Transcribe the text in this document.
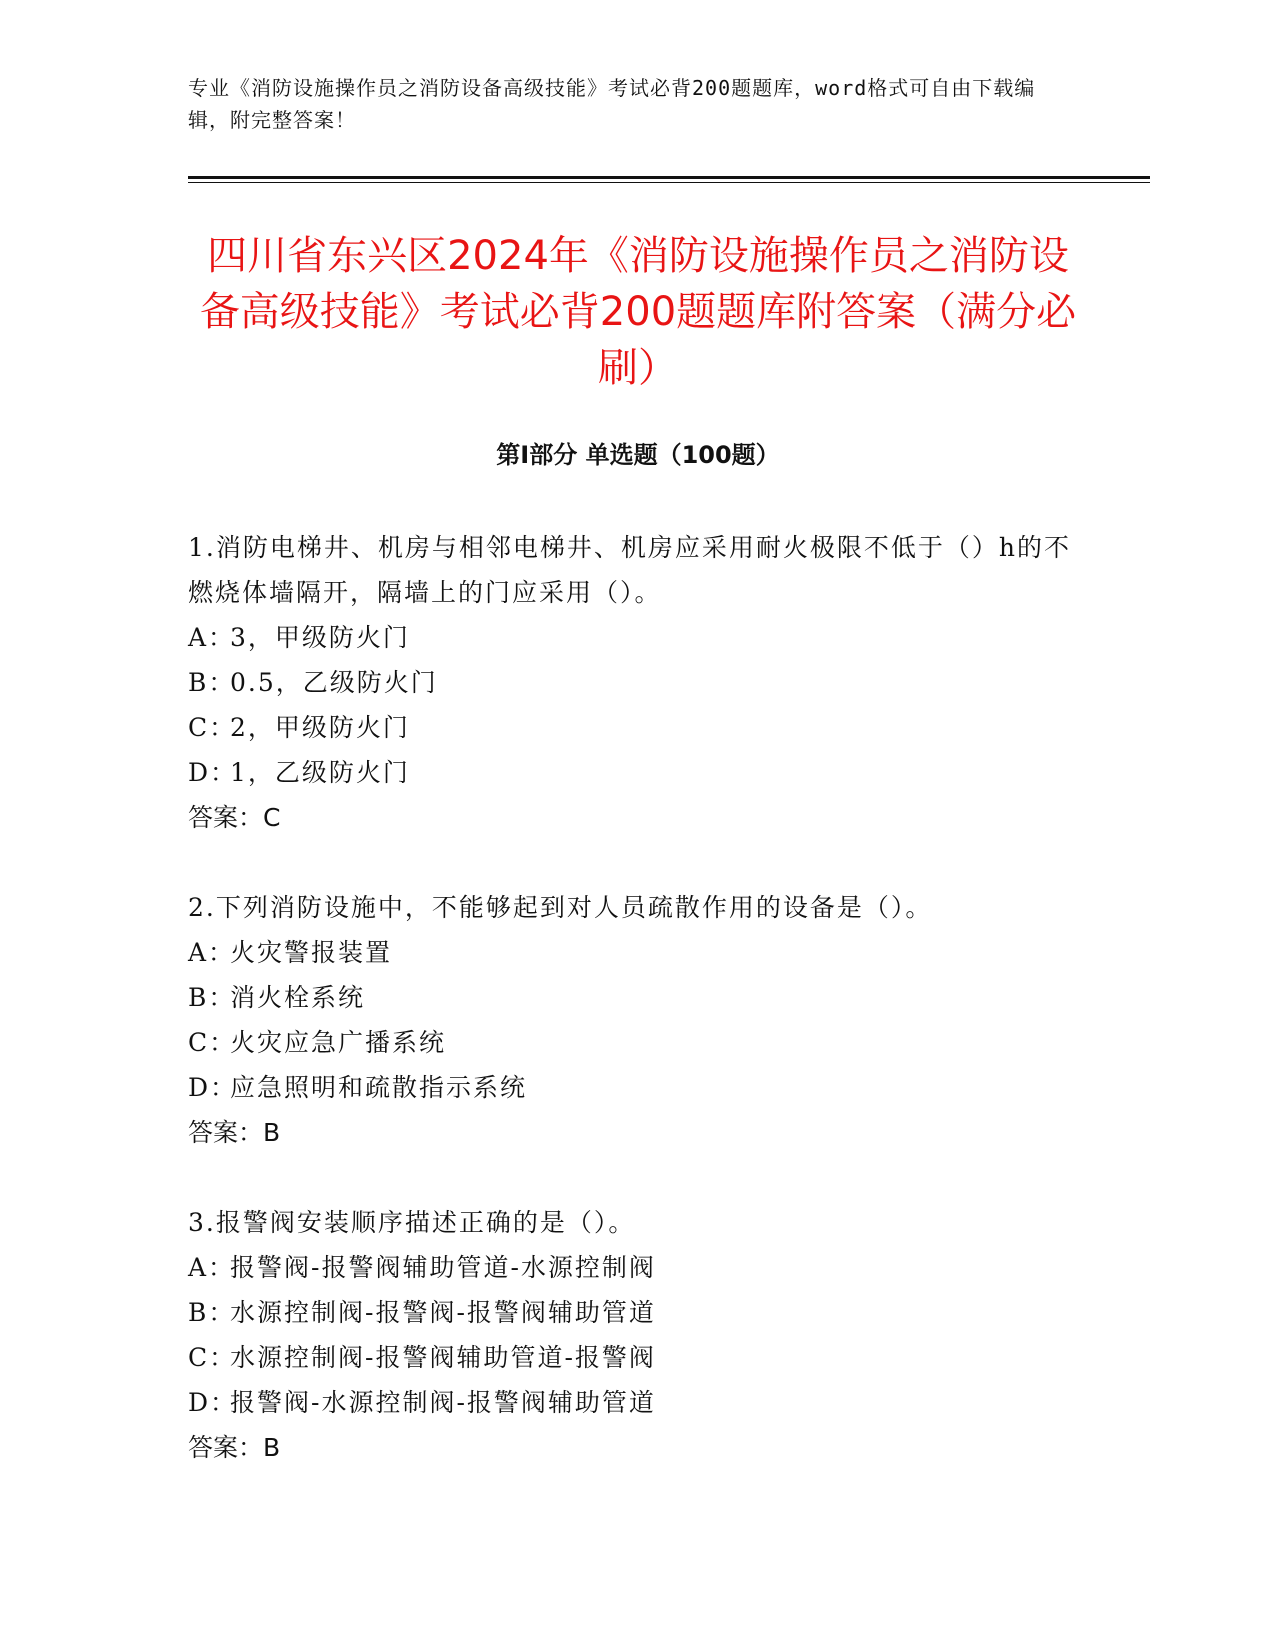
专业《消防设施操作员之消防设备高级技能》考试必背200题题库，word格式可自由下载编辑，附完整答案！
四川省东兴区2024年《消防设施操作员之消防设备高级技能》考试必背200题题库附答案（满分必刷）
第Ⅰ部分 单选题（100题）

1.消防电梯井、机房与相邻电梯井、机房应采用耐火极限不低于（）h的不燃烧体墙隔开，隔墙上的门应采用（）。

A：3，甲级防火门

B：0.5，乙级防火门

C：2，甲级防火门

D：1，乙级防火门

答案：C

2.下列消防设施中，不能够起到对人员疏散作用的设备是（）。

A：火灾警报装置

B：消火栓系统

C：火灾应急广播系统

D：应急照明和疏散指示系统

答案：B

3.报警阀安装顺序描述正确的是（）。

A：报警阀-报警阀辅助管道-水源控制阀

B：水源控制阀-报警阀-报警阀辅助管道

C：水源控制阀-报警阀辅助管道-报警阀

D：报警阀-水源控制阀-报警阀辅助管道

答案：B
